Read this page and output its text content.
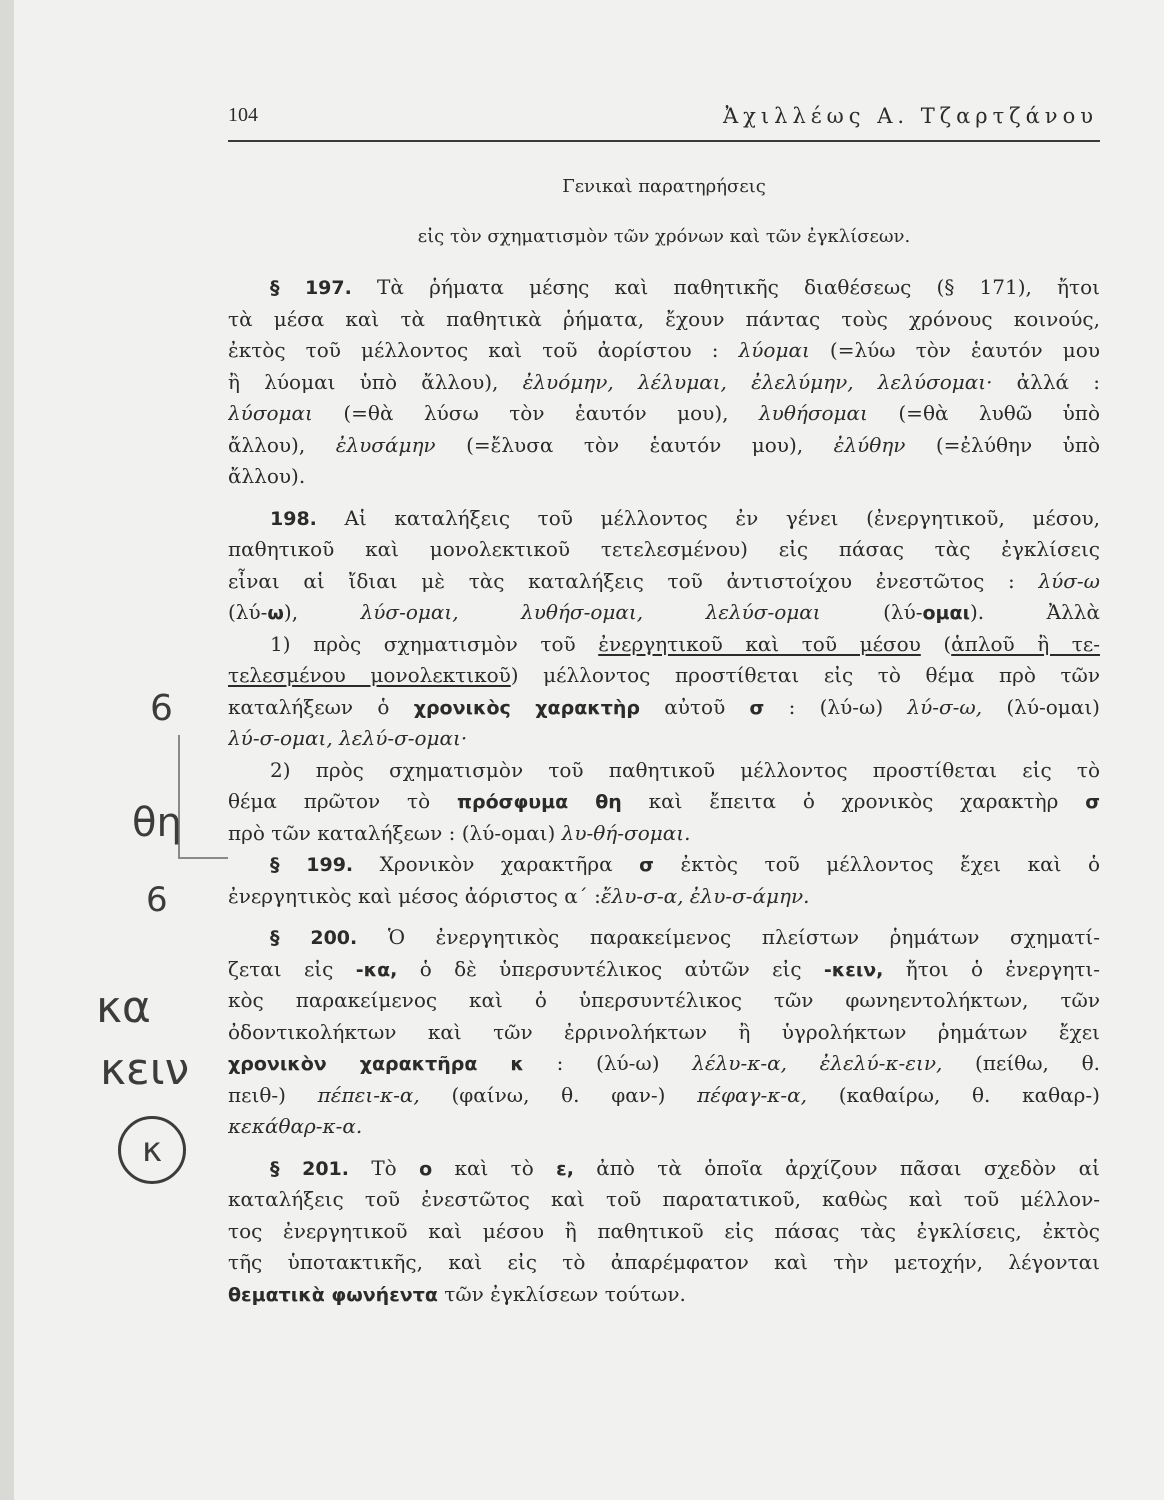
104	Ἀχιλλέως Α. Τζαρτζάνου
Γενικαὶ παρατηρήσεις
εἰς τὸν σχηματισμὸν τῶν χρόνων καὶ τῶν ἐγκλίσεων.
§ 197. Τὰ ῥήματα μέσης καὶ παθητικῆς διαθέσεως (§ 171), ἤτοι
τὰ μέσα καὶ τὰ παθητικὰ ῥήματα, ἔχουν πάντας τοὺς χρόνους κοινούς,
ἐκτὸς τοῦ μέλλοντος καὶ τοῦ ἀορίστου : λύομαι (=λύω τὸν ἑαυτόν μου
ἢ λύομαι ὑπὸ ἄλλου), ἐλυόμην, λέλυμαι, ἐλελύμην, λελύσομαι· ἀλλά :
λύσομαι (=θὰ λύσω τὸν ἑαυτόν μου), λυθήσομαι (=θὰ λυθῶ ὑπὸ
ἄλλου), ἐλυσάμην (=ἔλυσα τὸν ἑαυτόν μου), ἐλύθην (=ἐλύθην ὑπὸ
ἄλλου).
198. Αἱ καταλήξεις τοῦ μέλλοντος ἐν γένει (ἐνεργητικοῦ, μέσου,
παθητικοῦ καὶ μονολεκτικοῦ τετελεσμένου) εἰς πάσας τὰς ἐγκλίσεις
εἶναι αἱ ἴδιαι μὲ τὰς καταλήξεις τοῦ ἀντιστοίχου ἐνεστῶτος : λύσ-ω
(λύ-ω), λύσ-ομαι, λυθήσ-ομαι, λελύσ-ομαι (λύ-ομαι). Ἀλλὰ
1) πρὸς σχηματισμὸν τοῦ ἐνεργητικοῦ καὶ τοῦ μέσου (ἁπλοῦ ἢ τε-
τελεσμένου μονολεκτικοῦ) μέλλοντος προστίθεται εἰς τὸ θέμα πρὸ τῶν
καταλήξεων ὁ χρονικὸς χαρακτὴρ αὐτοῦ σ : (λύ-ω) λύ-σ-ω, (λύ-ομαι)
λύ-σ-ομαι, λελύ-σ-ομαι·
2) πρὸς σχηματισμὸν τοῦ παθητικοῦ μέλλοντος προστίθεται εἰς τὸ
θέμα πρῶτον τὸ πρόσφυμα θη καὶ ἔπειτα ὁ χρονικὸς χαρακτὴρ σ
πρὸ τῶν καταλήξεων : (λύ-ομαι) λυ-θή-σομαι.
§ 199. Χρονικὸν χαρακτῆρα σ ἐκτὸς τοῦ μέλλοντος ἔχει καὶ ὁ
ἐνεργητικὸς καὶ μέσος ἀόριστος α΄ :ἔλυ-σ-α, ἐλυ-σ-άμην.
§ 200. Ὁ ἐνεργητικὸς παρακείμενος πλείστων ῥημάτων σχηματί-
ζεται εἰς -κα, ὁ δὲ ὑπερσυντέλικος αὐτῶν εἰς -κειν, ἤτοι ὁ ἐνεργητι-
κὸς παρακείμενος καὶ ὁ ὑπερσυντέλικος τῶν φωνηεντολήκτων, τῶν
ὀδοντικολήκτων καὶ τῶν ἐρρινολήκτων ἢ ὑγρολήκτων ῥημάτων ἔχει
χρονικὸν χαρακτῆρα κ : (λύ-ω) λέλυ-κ-α, ἐλελύ-κ-ειν, (πείθω, θ.
πειθ-) πέπει-κ-α, (φαίνω, θ. φαν-) πέφαγ-κ-α, (καθαίρω, θ. καθαρ-)
κεκάθαρ-κ-α.
§ 201. Τὸ ο καὶ τὸ ε, ἀπὸ τὰ ὁποῖα ἀρχίζουν πᾶσαι σχεδὸν αἱ
καταλήξεις τοῦ ἐνεστῶτος καὶ τοῦ παρατατικοῦ, καθὼς καὶ τοῦ μέλλον-
τος ἐνεργητικοῦ καὶ μέσου ἢ παθητικοῦ εἰς πάσας τὰς ἐγκλίσεις, ἐκτὸς
τῆς ὑποτακτικῆς, καὶ εἰς τὸ ἀπαρέμφατον καὶ τὴν μετοχήν, λέγονται
θεματικὰ φωνήεντα τῶν ἐγκλίσεων τούτων.
6
θη
6
κα
κειν
κ
